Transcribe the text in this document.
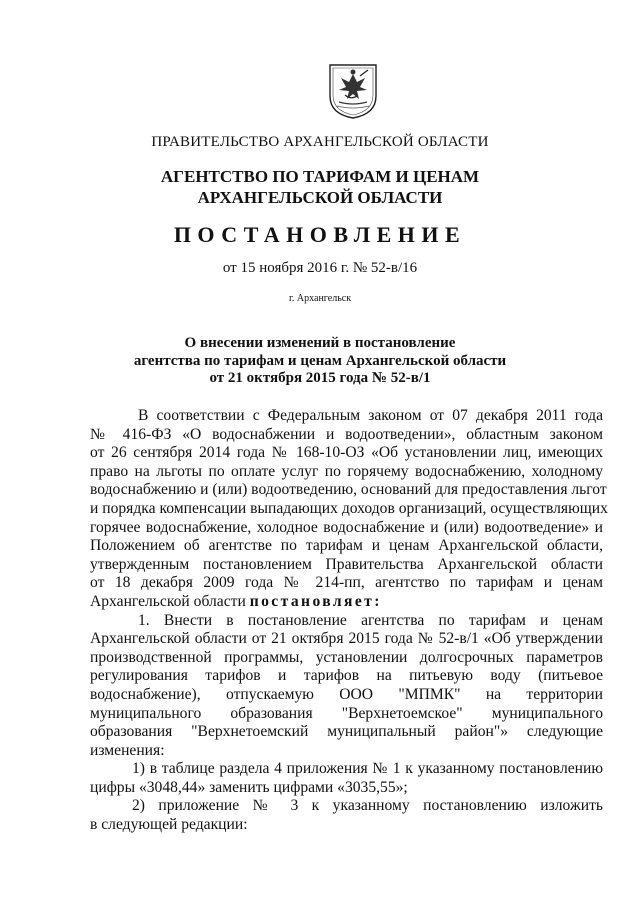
ПРАВИТЕЛЬСТВО АРХАНГЕЛЬСКОЙ ОБЛАСТИ
АГЕНТСТВО ПО ТАРИФАМ И ЦЕНАМ
АРХАНГЕЛЬСКОЙ ОБЛАСТИ
ПОСТАНОВЛЕНИЕ
от 15 ноября 2016 г. № 52-в/16
г. Архангельск
О внесении изменений в постановление
агентства по тарифам и ценам Архангельской области
от 21 октября 2015 года № 52-в/1
В соответствии с Федеральным законом от 07 декабря 2011 года
№ 416-ФЗ «О водоснабжении и водоотведении», областным законом
от 26 сентября 2014 года № 168-10-ОЗ «Об установлении лиц, имеющих
право на льготы по оплате услуг по горячему водоснабжению, холодному
водоснабжению и (или) водоотведению, оснований для предоставления льгот
и порядка компенсации выпадающих доходов организаций, осуществляющих
горячее водоснабжение, холодное водоснабжение и (или) водоотведение» и
Положением об агентстве по тарифам и ценам Архангельской области,
утвержденным постановлением Правительства Архангельской области
от 18 декабря 2009 года № 214-пп, агентство по тарифам и ценам
Архангельской области постановляет:
1. Внести в постановление агентства по тарифам и ценам
Архангельской области от 21 октября 2015 года № 52-в/1 «Об утверждении
производственной программы, установлении долгосрочных параметров
регулирования тарифов и тарифов на питьевую воду (питьевое
водоснабжение), отпускаемую ООО "МПМК" на территории
муниципального образования "Верхнетоемское" муниципального
образования "Верхнетоемский муниципальный район"» следующие
изменения:
1) в таблице раздела 4 приложения № 1 к указанному постановлению
цифры «3048,44» заменить цифрами «3035,55»;
2) приложение № 3 к указанному постановлению изложить
в следующей редакции:
